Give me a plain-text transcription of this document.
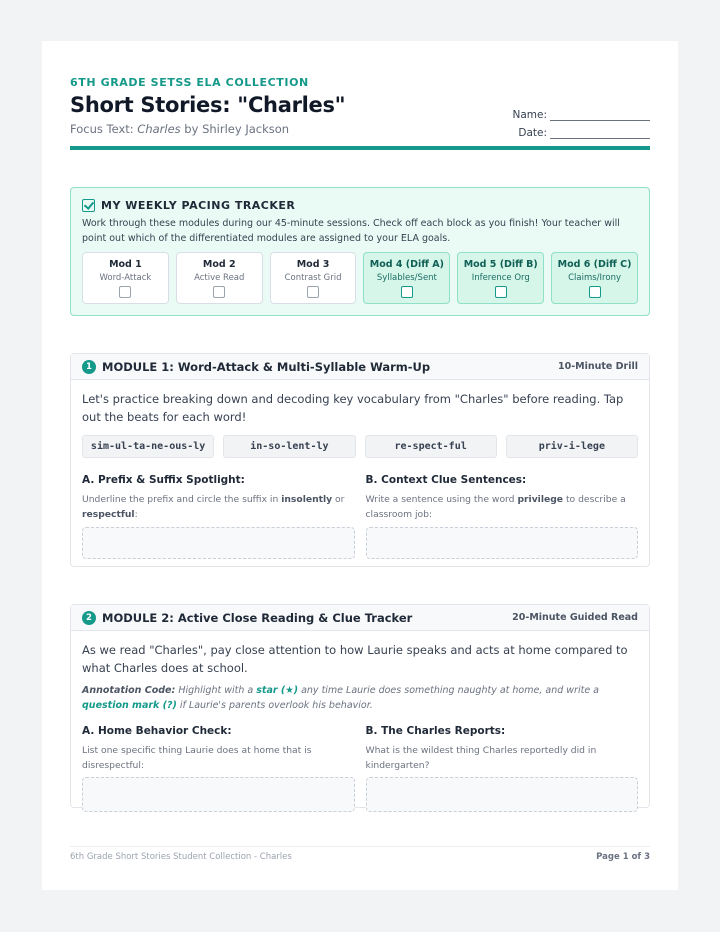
6TH GRADE SETSS ELA COLLECTION
Short Stories: "Charles"
Focus Text: Charles by Shirley Jackson
Name:
Date:
MY WEEKLY PACING TRACKER
Work through these modules during our 45-minute sessions. Check off each block as you finish! Your teacher will point out which of the differentiated modules are assigned to your ELA goals.
Mod 1
Word-Attack
Mod 2
Active Read
Mod 3
Contrast Grid
Mod 4 (Diff A)
Syllables/Sent
Mod 5 (Diff B)
Inference Org
Mod 6 (Diff C)
Claims/Irony
1 MODULE 1: Word-Attack & Multi-Syllable Warm-Up	10-Minute Drill
Let's practice breaking down and decoding key vocabulary from "Charles" before reading. Tap out the beats for each word!
sim-ul-ta-ne-ous-ly	in-so-lent-ly	re-spect-ful	priv-i-lege
A. Prefix & Suffix Spotlight:
Underline the prefix and circle the suffix in insolently or respectful:
B. Context Clue Sentences:
Write a sentence using the word privilege to describe a classroom job:
2 MODULE 2: Active Close Reading & Clue Tracker	20-Minute Guided Read
As we read "Charles", pay close attention to how Laurie speaks and acts at home compared to what Charles does at school.
Annotation Code: Highlight with a star (★) any time Laurie does something naughty at home, and write a question mark (?) if Laurie's parents overlook his behavior.
A. Home Behavior Check:
List one specific thing Laurie does at home that is disrespectful:
B. The Charles Reports:
What is the wildest thing Charles reportedly did in kindergarten?
6th Grade Short Stories Student Collection - Charles	Page 1 of 3
